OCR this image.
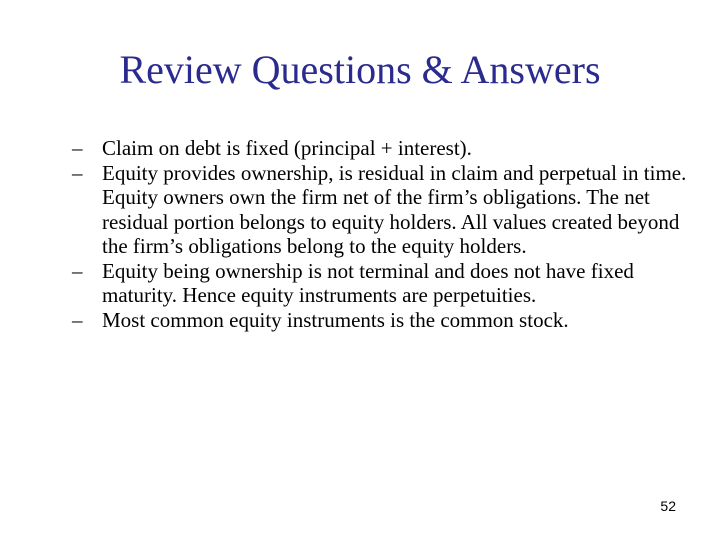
Review Questions & Answers
– Claim on debt is fixed (principal + interest).
– Equity provides ownership, is residual in claim and perpetual in time. Equity owners own the firm net of the firm’s obligations. The net residual portion belongs to equity holders. All values created beyond the firm’s obligations belong to the equity holders.
– Equity being ownership is not terminal and does not have fixed maturity. Hence equity instruments are perpetuities.
– Most common equity instruments is the common stock.
52
